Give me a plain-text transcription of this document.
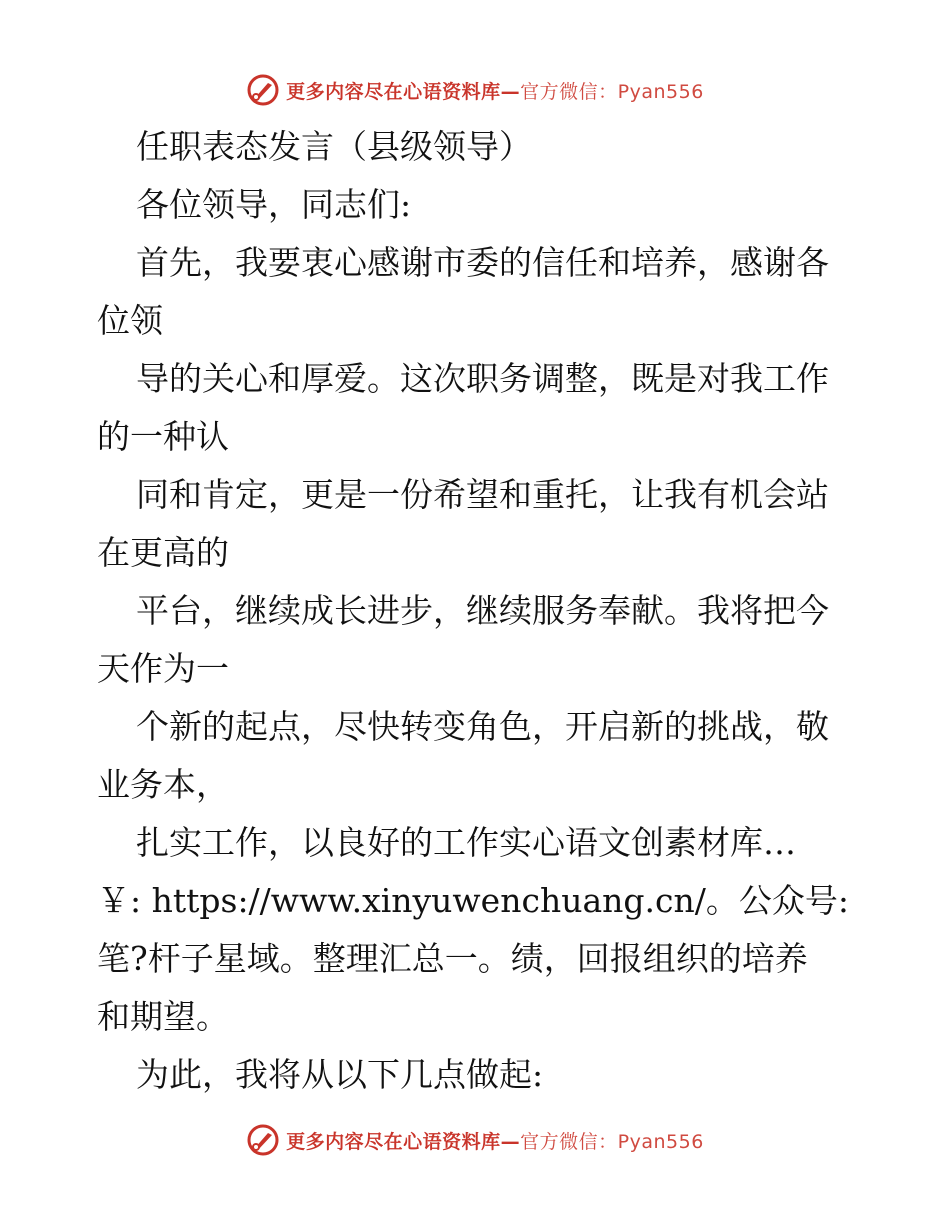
更多内容尽在心语资料库—官方微信：Pyan556
任职表态发言（县级领导）
各位领导，同志们:
首先，我要衷心感谢市委的信任和培养，感谢各
位领
导的关心和厚爱。这次职务调整，既是对我工作
的一种认
同和肯定，更是一份希望和重托，让我有机会站
在更高的
平台，继续成长进步，继续服务奉献。我将把今
天作为一
个新的起点，尽快转变角色，开启新的挑战，敬
业务本，
扎实工作，以良好的工作实心语文创素材库…
￥: https://www.xinyuwenchuang.cn/。公众号:
笔?杆子星域。整理汇总一。绩，回报组织的培养
和期望。
为此，我将从以下几点做起:
更多内容尽在心语资料库—官方微信：Pyan556
